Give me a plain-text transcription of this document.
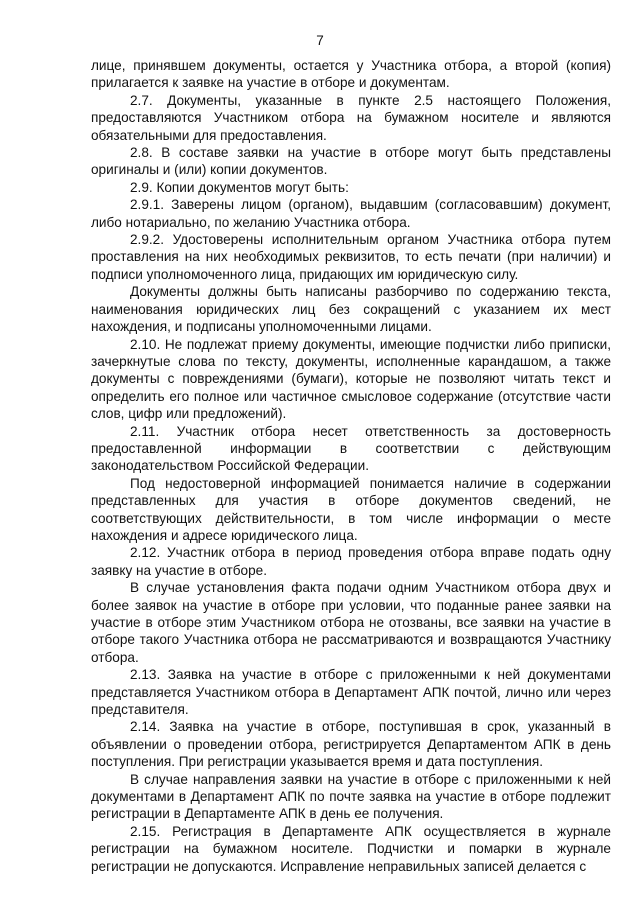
7

лице, принявшем документы, остается у Участника отбора, а второй (копия) прилагается к заявке на участие в отборе и документам.

2.7. Документы, указанные в пункте 2.5 настоящего Положения, предоставляются Участником отбора на бумажном носителе и являются обязательными для предоставления.

2.8. В составе заявки на участие в отборе могут быть представлены оригиналы и (или) копии документов.

2.9. Копии документов могут быть:

2.9.1. Заверены лицом (органом), выдавшим (согласовавшим) документ, либо нотариально, по желанию Участника отбора.

2.9.2. Удостоверены исполнительным органом Участника отбора путем проставления на них необходимых реквизитов, то есть печати (при наличии) и подписи уполномоченного лица, придающих им юридическую силу.

Документы должны быть написаны разборчиво по содержанию текста, наименования юридических лиц без сокращений с указанием их мест нахождения, и подписаны уполномоченными лицами.

2.10. Не подлежат приему документы, имеющие подчистки либо приписки, зачеркнутые слова по тексту, документы, исполненные карандашом, а также документы с повреждениями (бумаги), которые не позволяют читать текст и определить его полное или частичное смысловое содержание (отсутствие части слов, цифр или предложений).

2.11. Участник отбора несет ответственность за достоверность предоставленной информации в соответствии с действующим законодательством Российской Федерации.

Под недостоверной информацией понимается наличие в содержании представленных для участия в отборе документов сведений, не соответствующих действительности, в том числе информации о месте нахождения и адресе юридического лица.

2.12. Участник отбора в период проведения отбора вправе подать одну заявку на участие в отборе.

В случае установления факта подачи одним Участником отбора двух и более заявок на участие в отборе при условии, что поданные ранее заявки на участие в отборе этим Участником отбора не отозваны, все заявки на участие в отборе такого Участника отбора не рассматриваются и возвращаются Участнику отбора.

2.13. Заявка на участие в отборе с приложенными к ней документами представляется Участником отбора в Департамент АПК почтой, лично или через представителя.

2.14. Заявка на участие в отборе, поступившая в срок, указанный в объявлении о проведении отбора, регистрируется Департаментом АПК в день поступления. При регистрации указывается время и дата поступления.

В случае направления заявки на участие в отборе с приложенными к ней документами в Департамент АПК по почте заявка на участие в отборе подлежит регистрации в Департаменте АПК в день ее получения.

2.15. Регистрация в Департаменте АПК осуществляется в журнале регистрации на бумажном носителе. Подчистки и помарки в журнале регистрации не допускаются. Исправление неправильных записей делается с
